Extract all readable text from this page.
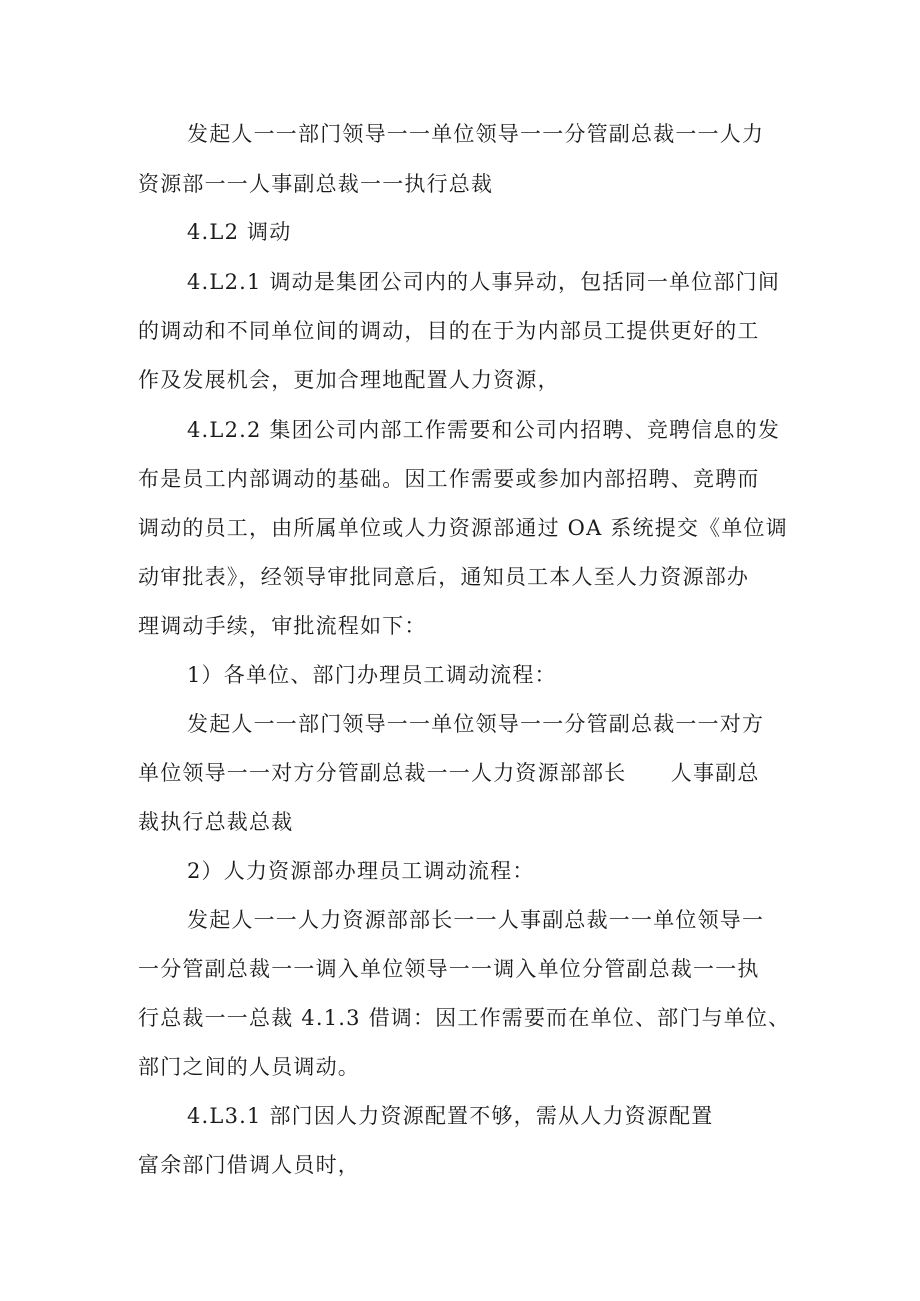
发起人一一部门领导一一单位领导一一分管副总裁一一人力
资源部一一人事副总裁一一执行总裁
4.L2 调动
4.L2.1 调动是集团公司内的人事异动，包括同一单位部门间
的调动和不同单位间的调动，目的在于为内部员工提供更好的工
作及发展机会，更加合理地配置人力资源，
4.L2.2 集团公司内部工作需要和公司内招聘、竞聘信息的发
布是员工内部调动的基础。因工作需要或参加内部招聘、竞聘而
调动的员工，由所属单位或人力资源部通过 OA 系统提交《单位调
动审批表》，经领导审批同意后，通知员工本人至人力资源部办
理调动手续，审批流程如下：
1）各单位、部门办理员工调动流程：
发起人一一部门领导一一单位领导一一分管副总裁一一对方
单位领导一一对方分管副总裁一一人力资源部部长　　人事副总
裁执行总裁总裁
2）人力资源部办理员工调动流程：
发起人一一人力资源部部长一一人事副总裁一一单位领导一
一分管副总裁一一调入单位领导一一调入单位分管副总裁一一执
行总裁一一总裁 4.1.3 借调：因工作需要而在单位、部门与单位、
部门之间的人员调动。
4.L3.1 部门因人力资源配置不够，需从人力资源配置
富余部门借调人员时，
